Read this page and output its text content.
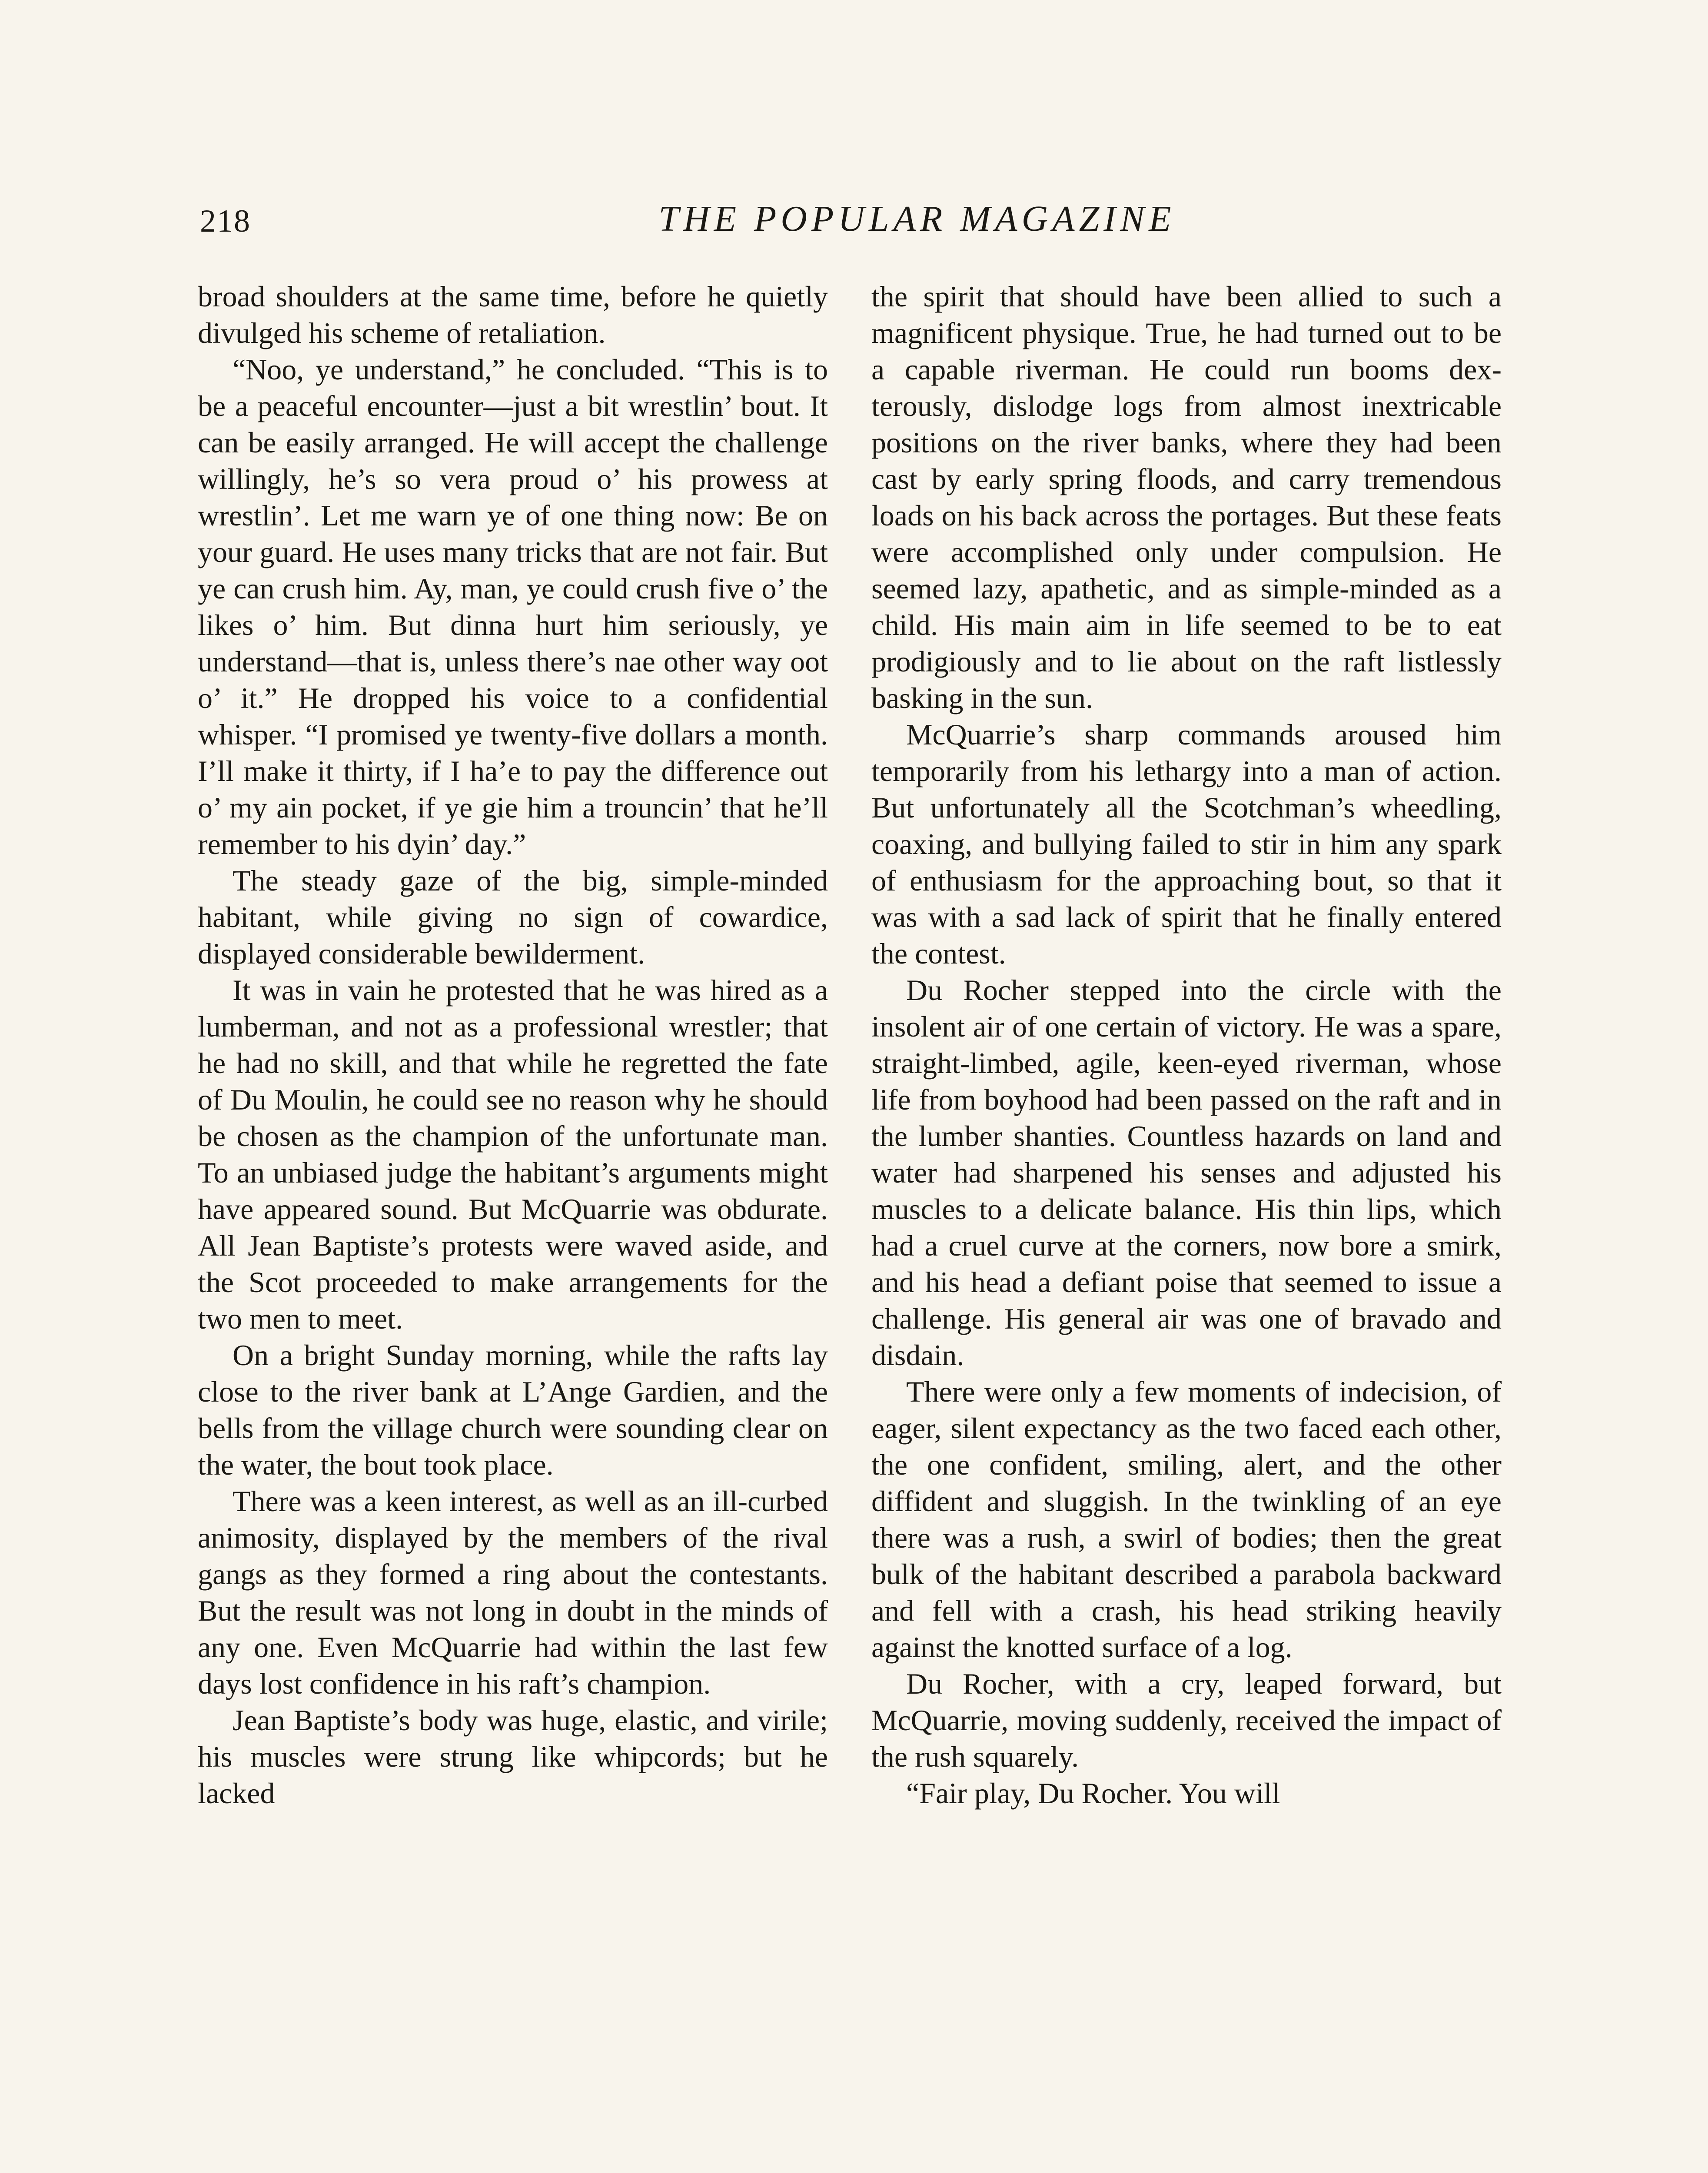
218	THE POPULAR MAGAZINE

broad shoulders at the same time, before he quietly divulged his scheme of retaliation.

“Noo, ye understand,” he concluded. “This is to be a peaceful encounter—just a bit wrestlin’ bout. It can be easily arranged. He will accept the challenge willingly, he’s so vera proud o’ his prowess at wrestlin’. Let me warn ye of one thing now: Be on your guard. He uses many tricks that are not fair. But ye can crush him. Ay, man, ye could crush five o’ the likes o’ him. But dinna hurt him seriously, ye understand—that is, unless there’s nae other way oot o’ it.” He dropped his voice to a confidential whisper. “I promised ye twenty-five dollars a month. I’ll make it thirty, if I ha’e to pay the difference out o’ my ain pocket, if ye gie him a trouncin’ that he’ll remember to his dyin’ day.”

The steady gaze of the big, simple-minded habitant, while giving no sign of cowardice, displayed considerable bewilderment.

It was in vain he protested that he was hired as a lumberman, and not as a professional wrestler; that he had no skill, and that while he regretted the fate of Du Moulin, he could see no reason why he should be chosen as the champion of the unfortunate man. To an unbiased judge the habitant’s arguments might have appeared sound. But McQuarrie was obdurate. All Jean Baptiste’s protests were waved aside, and the Scot proceeded to make arrangements for the two men to meet.

On a bright Sunday morning, while the rafts lay close to the river bank at L’Ange Gardien, and the bells from the village church were sounding clear on the water, the bout took place.

There was a keen interest, as well as an ill-curbed animosity, displayed by the members of the rival gangs as they formed a ring about the contestants. But the result was not long in doubt in the minds of any one. Even McQuarrie had within the last few days lost confidence in his raft’s champion.

Jean Baptiste’s body was huge, elastic, and virile; his muscles were strung like whipcords; but he lacked

the spirit that should have been allied to such a magnificent physique. True, he had turned out to be a capable riverman. He could run booms dexterously, dislodge logs from almost inextricable positions on the river banks, where they had been cast by early spring floods, and carry tremendous loads on his back across the portages. But these feats were accomplished only under compulsion. He seemed lazy, apathetic, and as simple-minded as a child. His main aim in life seemed to be to eat prodigiously and to lie about on the raft listlessly basking in the sun.

McQuarrie’s sharp commands aroused him temporarily from his lethargy into a man of action. But unfortunately all the Scotchman’s wheedling, coaxing, and bullying failed to stir in him any spark of enthusiasm for the approaching bout, so that it was with a sad lack of spirit that he finally entered the contest.

Du Rocher stepped into the circle with the insolent air of one certain of victory. He was a spare, straight-limbed, agile, keen-eyed riverman, whose life from boyhood had been passed on the raft and in the lumber shanties. Countless hazards on land and water had sharpened his senses and adjusted his muscles to a delicate balance. His thin lips, which had a cruel curve at the corners, now bore a smirk, and his head a defiant poise that seemed to issue a challenge. His general air was one of bravado and disdain.

There were only a few moments of indecision, of eager, silent expectancy as the two faced each other, the one confident, smiling, alert, and the other diffident and sluggish. In the twinkling of an eye there was a rush, a swirl of bodies; then the great bulk of the habitant described a parabola backward and fell with a crash, his head striking heavily against the knotted surface of a log.

Du Rocher, with a cry, leaped forward, but McQuarrie, moving suddenly, received the impact of the rush squarely.

“Fair play, Du Rocher. You will
